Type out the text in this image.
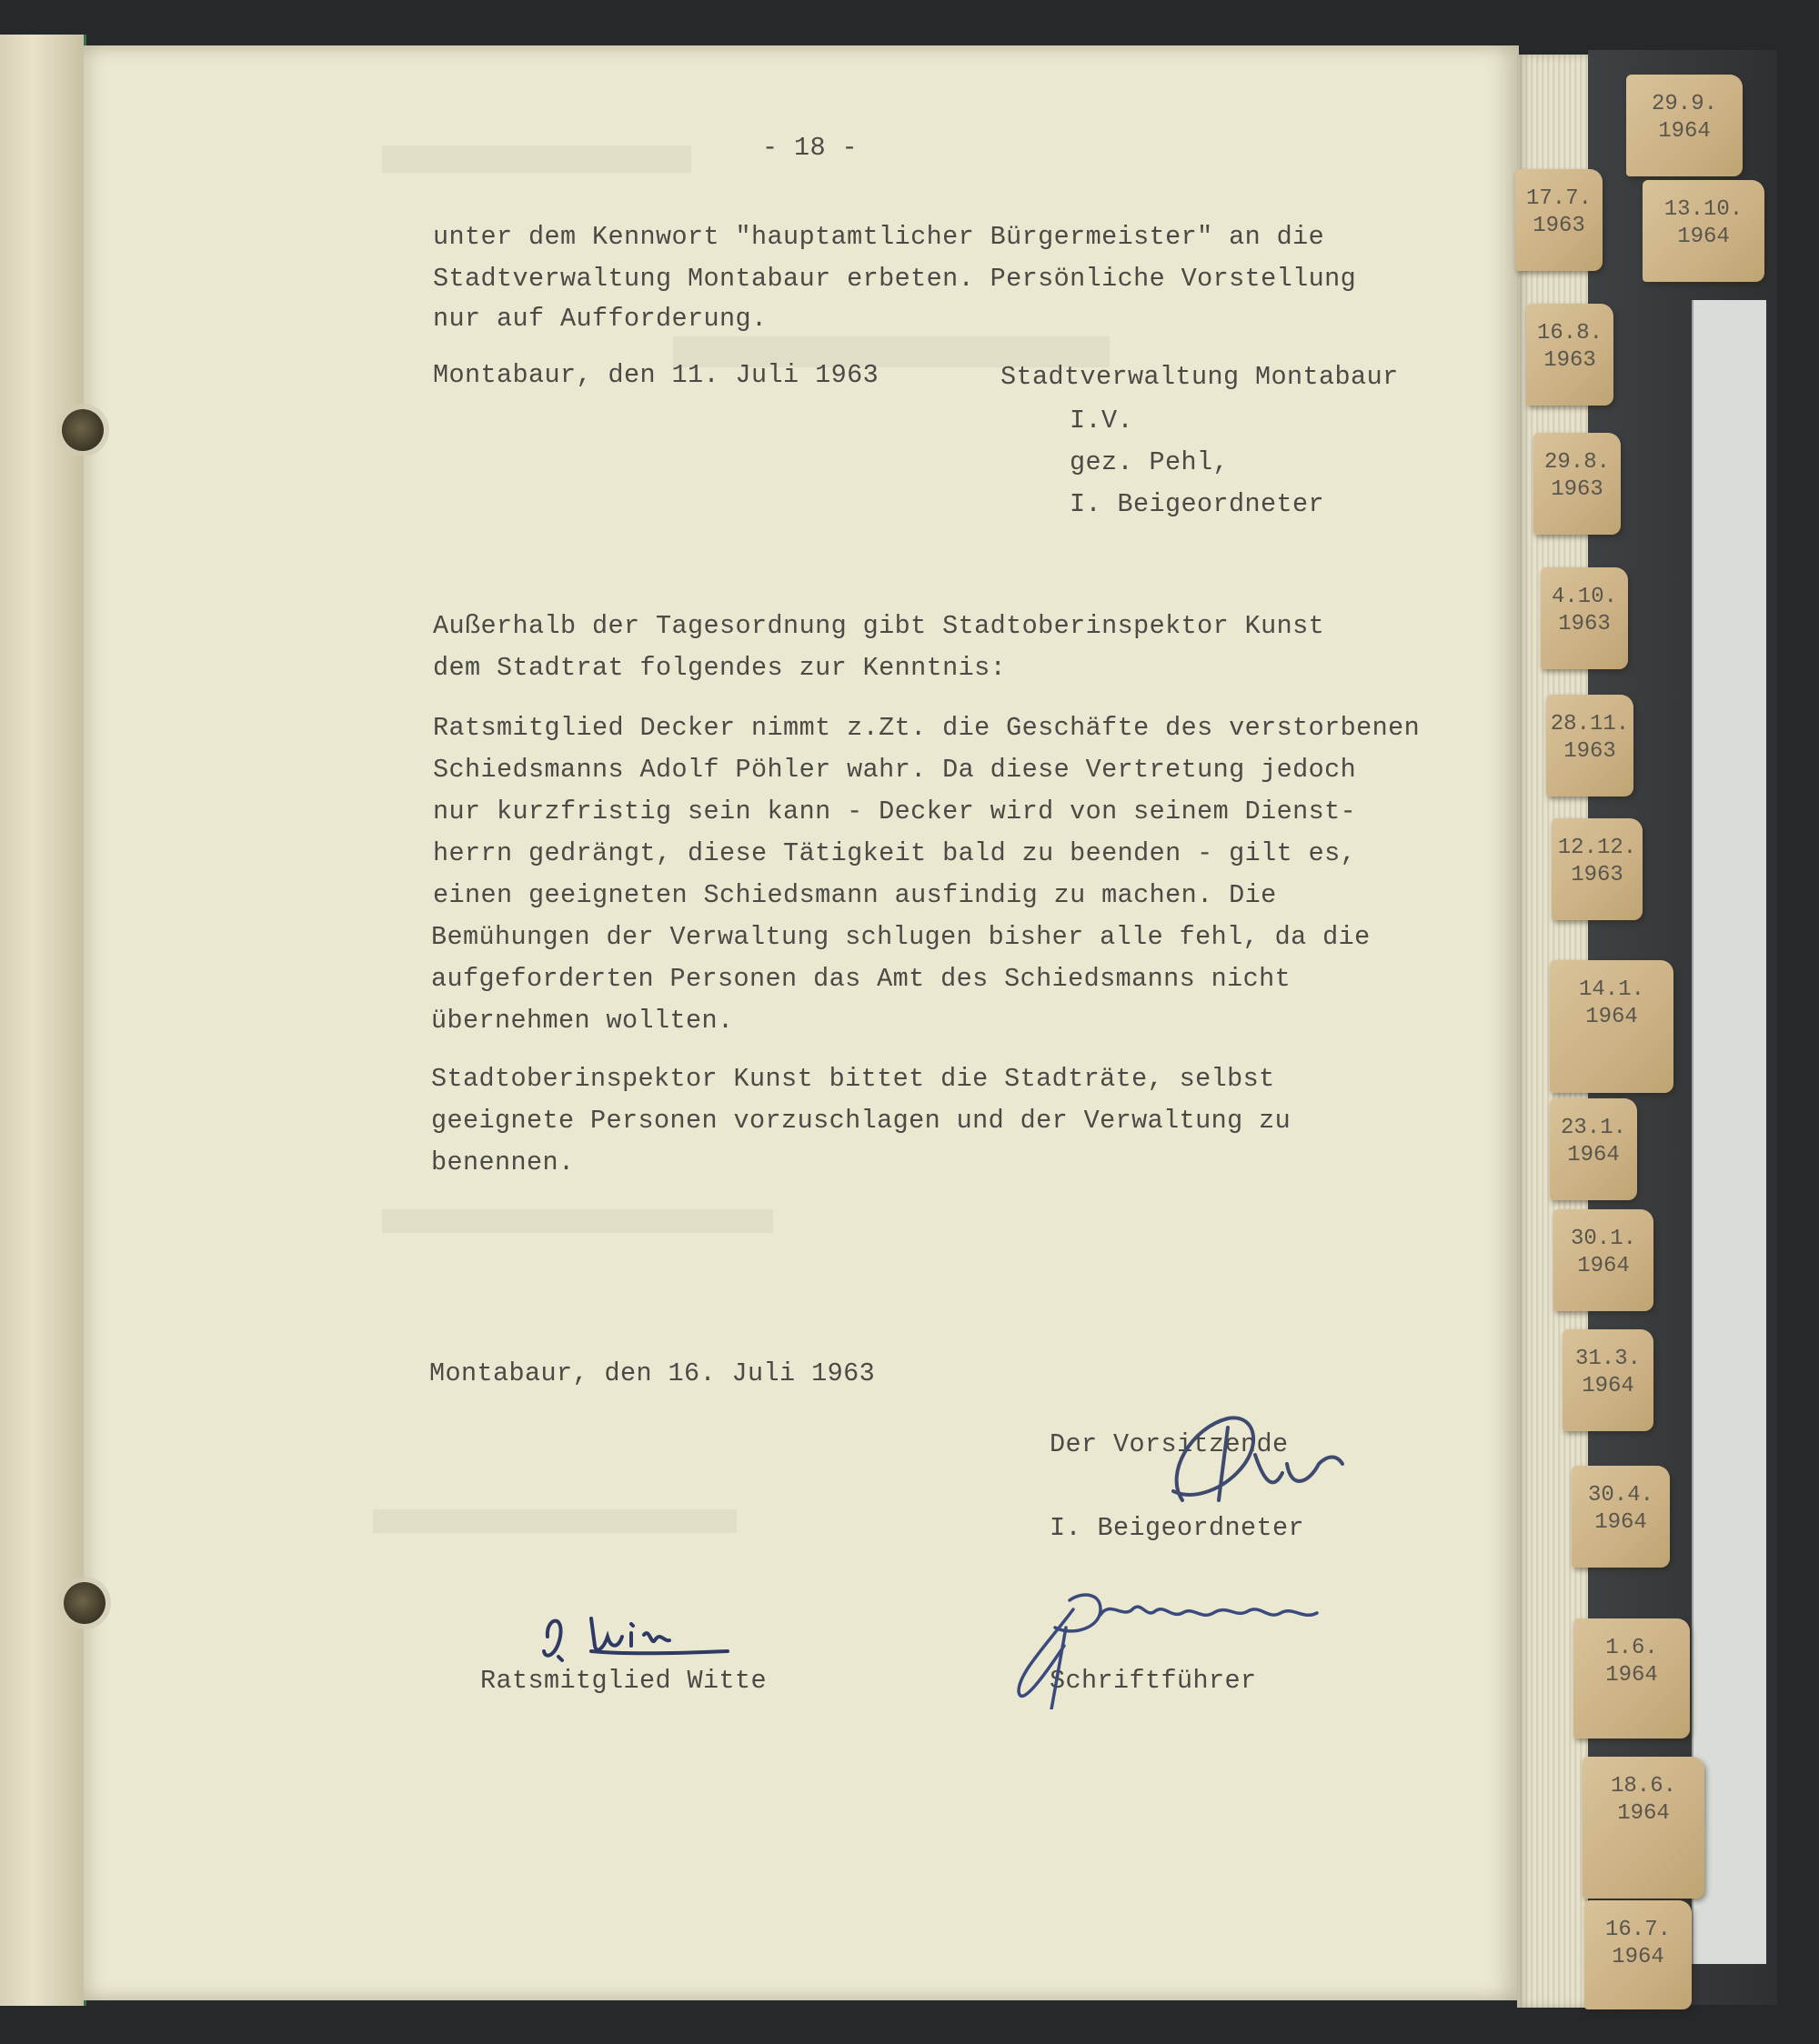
- 18 -
unter dem Kennwort "hauptamtlicher Bürgermeister" an die
Stadtverwaltung Montabaur erbeten. Persönliche Vorstellung
nur auf Aufforderung.
Montabaur, den 11. Juli 1963	Stadtverwaltung Montabaur
I.V.
gez. Pehl,
I. Beigeordneter
Außerhalb der Tagesordnung gibt Stadtoberinspektor Kunst
dem Stadtrat folgendes zur Kenntnis:
Ratsmitglied Decker nimmt z.Zt. die Geschäfte des verstorbenen
Schiedsmanns Adolf Pöhler wahr. Da diese Vertretung jedoch
nur kurzfristig sein kann - Decker wird von seinem Dienst-
herrn gedrängt, diese Tätigkeit bald zu beenden - gilt es,
einen geeigneten Schiedsmann ausfindig zu machen. Die
Bemühungen der Verwaltung schlugen bisher alle fehl, da die
aufgeforderten Personen das Amt des Schiedsmanns nicht
übernehmen wollten.
Stadtoberinspektor Kunst bittet die Stadträte, selbst
geeignete Personen vorzuschlagen und der Verwaltung zu
benennen.
Montabaur, den 16. Juli 1963
Der Vorsitzende
I. Beigeordneter
Ratsmitglied Witte	Schriftführer
29.9.
1964
13.10.
1964
17.7.
1963
16.8.
1963
29.8.
1963
4.10.
1963
28.11.
1963
12.12.
1963
14.1.
1964
23.1.
1964
30.1.
1964
31.3.
1964
30.4.
1964
1.6.
1964
18.6.
1964
16.7.
1964
